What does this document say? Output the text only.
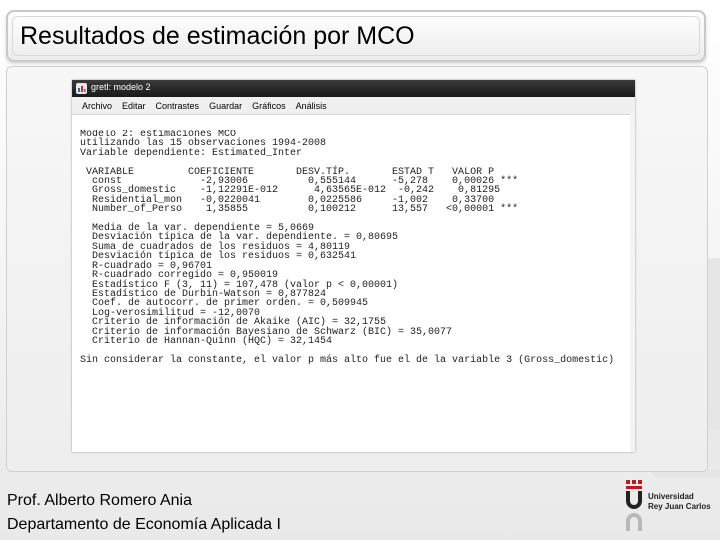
Resultados de estimación por MCO
gretl: modelo 2
Archivo	Editar	Contrastes	Guardar	Gráficos	Análisis
Modelo 2: estimaciones MCO
utilizando las 15 observaciones 1994-2008
Variable dependiente: Estimated_Inter

VARIABLE         COEFICIENTE       DESV.TÍP.       ESTAD T   VALOR P
const             -2,93006          0,555144      -5,278    0,00026 ***
Gross_domestic    -1,12291E-012      4,63565E-012  -0,242    0,81295
Residential_mon   -0,0220041        0,0225586     -1,002    0,33700
Number_of_Perso    1,35855          0,100212      13,557   <0,00001 ***

Media de la var. dependiente = 5,0669
Desviación típica de la var. dependiente. = 0,80695
Suma de cuadrados de los residuos = 4,80119
Desviación típica de los residuos = 0,632541
R-cuadrado = 0,96701
R-cuadrado corregido = 0,950019
Estadístico F (3, 11) = 107,478 (valor p < 0,00001)
Estadístico de Durbin-Watson = 0,877824
Coef. de autocorr. de primer orden. = 0,509945
Log-verosimilitud = -12,0070
Criterio de información de Akaike (AIC) = 32,1755
Criterio de información Bayesiano de Schwarz (BIC) = 35,0077
Criterio de Hannan-Quinn (HQC) = 32,1454

Sin considerar la constante, el valor p más alto fue el de la variable 3 (Gross_domestic)
Prof. Alberto Romero Ania
Departamento de Economía Aplicada I
Universidad
Rey Juan Carlos
